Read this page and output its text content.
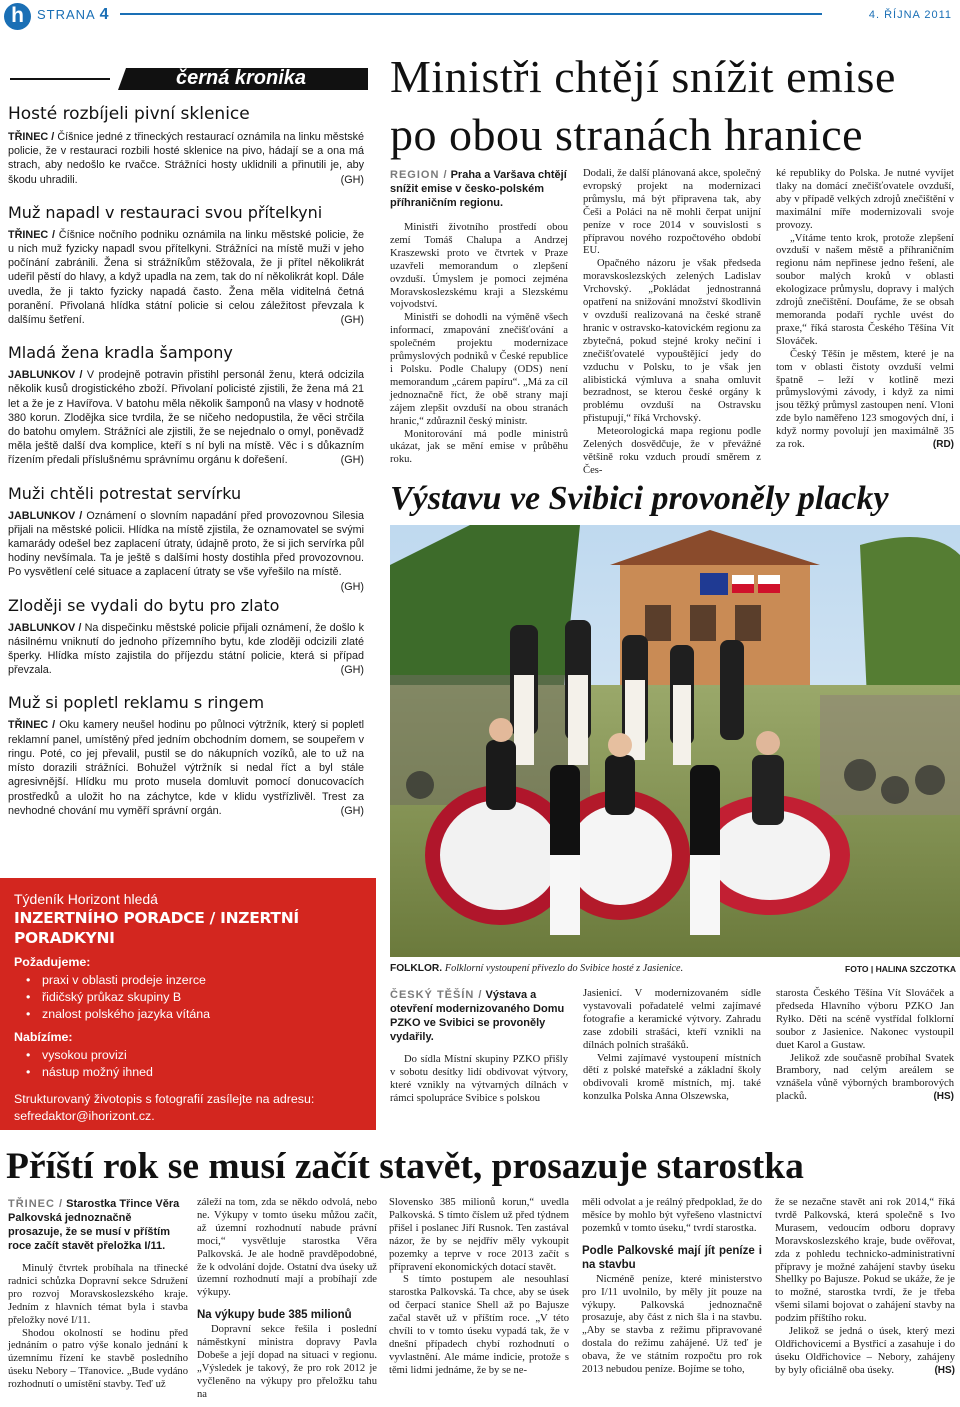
h	STRANA 4	4. ŘÍJNA 2011
černá kronika
Hosté rozbíjeli pivní sklenice

TŘINEC / Číšnice jedné z třineckých restaurací oznámila na linku městské policie, že v restauraci rozbili hosté sklenice na pivo, hádají se a ona má strach, aby nedošlo ke rvačce. Strážníci hosty uklidnili a přinutili je, aby škodu uhradili.	(GH)

Muž napadl v restauraci svou přítelkyni

TŘINEC / Číšnice nočního podniku oznámila na linku městské policie, že u nich muž fyzicky napadl svou přítelkyni. Strážníci na místě muži v jeho počínání zabránili. Žena si strážníkům stěžovala, že ji přítel několikrát udeřil pěstí do hlavy, a když upadla na zem, tak do ní několikrát kopl. Dále uvedla, že ji takto fyzicky napadá často. Žena měla viditelná četná poranění. Přivolaná hlídka státní policie si celou záležitost převzala k dalšímu šetření.	(GH)

Mladá žena kradla šampony

JABLUNKOV / V prodejně potravin přistihl personál ženu, která odcizila několik kusů drogistického zboží. Přivolaní policisté zjistili, že žena má 21 let a že je z Havířova. V batohu měla několik šamponů na vlasy v hodnotě 380 korun. Zlodějka sice tvrdila, že se ničeho nedopustila, že věci strčila do batohu omylem. Strážníci ale zjistili, že se nejednalo o omyl, poněvadž měla ještě další dva komplice, kteří s ní byli na místě. Věc i s důkazním řízením předali příslušnému správnímu orgánu k dořešení.	(GH)

Muži chtěli potrestat servírku

JABLUNKOV / Oznámení o slovním napadání před provozovnou Silesia přijali na městské policii. Hlídka na místě zjistila, že oznamovatel se svými kamarády odešel bez zaplacení útraty, údajně proto, že si jich servírka půl hodiny nevšímala. Ta je ještě s dalšími hosty dostihla před provozovnou. Po vysvětlení celé situace a zaplacení útraty se vše vyřešilo na místě.
(GH)

Zloději se vydali do bytu pro zlato

JABLUNKOV / Na dispečinku městské policie přijali oznámení, že došlo k násilnému vniknutí do jednoho přízemního bytu, kde zloději odcizili zlaté šperky. Hlídka místo zajistila do příjezdu státní policie, která si případ převzala.	(GH)

Muž si popletl reklamu s ringem

TŘINEC / Oku kamery neušel hodinu po půlnoci výtržník, který si popletl reklamní panel, umístěný před jedním obchodním domem, se soupeřem v ringu. Poté, co jej převalil, pustil se do nákupních vozíků, ale to už na místo dorazili strážníci. Bohužel výtržník si nedal říct a byl stále agresivnější. Hlídku mu proto musela domluvit pomocí donucovacích prostředků a uložit ho na záchytce, kde v klidu vystřízlivěl. Trest za nevhodné chování mu vyměří správní orgán.	(GH)

Ministři chtějí snížit emise
po obou stranách hranice
REGION / Praha a Varšava chtějí snížit emise v česko-polském příhraničním regionu.

Ministři životního prostředí obou zemí Tomáš Chalupa a Andrzej Kraszewski proto ve čtvrtek v Praze uzavřeli memorandum o zlepšení ovzduší. Úmyslem je pomoci zejména Moravskoslezskému kraji a Slezskému vojvodství.

Ministři se dohodli na výměně všech informací, zmapování znečišťování a společném projektu modernizace průmyslových podniků v České republice i Polsku. Podle Chalupy (ODS) není memorandum „cárem papíru“. „Má za cíl jednoznačně říct, že obě strany mají zájem zlepšit ovzduší na obou stranách hranic,“ zdůraznil český ministr.

Monitorování má podle ministrů ukázat, jak se mění emise v průběhu roku.

Dodali, že další plánovaná akce, společný evropský projekt na modernizaci průmyslu, má být připravena tak, aby Češi a Poláci na ně mohli čerpat unijní peníze v roce 2014 v souvislosti s přípravou nového rozpočtového období EU.

Opačného názoru je však předseda moravskoslezských zelených Ladislav Vrchovský. „Pokládat jednostranná opatření na snižování množství škodlivin v ovzduší realizovaná na české straně hranic v ostravsko-katovickém regionu za zbytečná, pokud stejné kroky nečiní i znečišťovatelé vypouštějící jedy do vzduchu v Polsku, to je však jen alibistická výmluva a snaha omluvit bezradnost, se kterou české orgány k problému ovzduší na Ostravsku přistupují,“ říká Vrchovský.

Meteorologická mapa regionu podle Zelených dosvědčuje, že v převážné většině roku vzduch proudí směrem z Čes-

ké republiky do Polska. Je nutné vyvíjet tlaky na domácí znečišťovatele ovzduší, aby v případě velkých zdrojů znečištění v maximální míře modernizovali svoje provozy.

„Vítáme tento krok, protože zlepšení ovzduší v našem městě a příhraničním regionu nám nepřinese jedno řešení, ale soubor malých kroků v oblasti ekologizace průmyslu, dopravy i malých zdrojů znečištění. Doufáme, že se obsah memoranda podaří rychle uvést do praxe,“ říká starosta Českého Těšína Vít Slováček.

Český Těšín je městem, které je na tom v oblasti čistoty ovzduší velmi špatně – leží v kotlině mezi průmyslovými závody, i když za nimi jsou těžký průmysl zastoupen není. Vloni zde bylo naměřeno 123 smogových dní, i když normy povolují jen maximálně 35 za rok.	(RD)

Výstavu ve Svibici provoněly placky
FOLKLOR. Folklorní vystoupení přivezlo do Svibice hosté z Jasienice.	FOTO | HALINA SZCZOTKA
ČESKÝ TĚŠÍN / Výstava a otevření modernizovaného Domu PZKO ve Svibici se provoněly vydařily.

Do sídla Místní skupiny PZKO přišly v sobotu desítky lidí obdivovat výtvory, které vznikly na výtvarných dílnách v rámci spolupráce Svibice s polskou

Jasienicí. V modernizovaném sídle vystavovali pořadatelé velmi zajímavé fotografie a keramické výtvory. Zahradu zase zdobili strašáci, kteří vznikli na dílnách polních strašáků.

Velmi zajímavé vystoupení místních dětí z polské mateřské a základní školy obdivovali kromě místních, mj. také konzulka Polska Anna Olszewska,

starosta Českého Těšína Vít Slováček a předseda Hlavního výboru PZKO Jan Ryłko. Děti na scéně vystřídal folklorní soubor z Jasienice. Nakonec vystoupil duet Karol a Gustaw.

Jelikož zde současně probíhal Svatek Brambory, nad celým areálem se vznášela vůně výborných bramborových placků.	(HS)

Týdeník Horizont hledá
INZERTNÍHO PORADCE / INZERTNÍ PORADKYNI
Požadujeme:
• praxi v oblasti prodeje inzerce
• řidičský průkaz skupiny B
• znalost polského jazyka vítána
Nabízíme:
• vysokou provizi
• nástup možný ihned
Strukturovaný životopis s fotografií zasílejte na adresu:
sefredaktor@ihorizont.cz.
Příští rok se musí začít stavět, prosazuje starostka
TŘINEC / Starostka Třince Věra Palkovská jednoznačně prosazuje, že se musí v příštím roce začít stavět přeložka I/11.

Minulý čtvrtek probíhala na třinecké radnici schůzka Dopravní sekce Sdružení pro rozvoj Moravskoslezského kraje. Jedním z hlavních témat byla i stavba přeložky nové I/11.

Shodou okolností se hodinu před jednáním o patro výše konalo jednání k územnímu řízení ke stavbě posledního úseku Nebory – Třanovice. „Bude vydáno rozhodnutí o umístění stavby. Teď už

záleží na tom, zda se někdo odvolá, nebo ne. Výkupy v tomto úseku můžou začít, až územní rozhodnutí nabude právní moci,“ vysvětluje starostka Věra Palkovská. Je ale hodně pravděpodobné, že k odvolání dojde. Ostatní dva úseky už územní rozhodnutí mají a probíhají zde výkupy.

Na výkupy bude 385 milionů

Dopravní sekce řešila i poslední náměstkyní ministra dopravy Pavla Dobeše a její dopad na situaci v regionu. „Výsledek je takový, že pro rok 2012 je vyčleněno na výkupy pro přeložku tahu na

Slovensko 385 milionů korun,“ uvedla Palkovská. S tímto číslem už před týdnem přišel i poslanec Jiří Rusnok. Ten zastával názor, že by se nejdřív měly vykoupit pozemky a teprve v roce 2013 začít s přípravení ekonomických dotací stavět.

S tímto postupem ale nesouhlasí starostka Palkovská. Ta chce, aby se úsek od čerpací stanice Shell až po Bajusze začal stavět už v příštím roce. „V této chvíli to v tomto úseku vypadá tak, že v dnešní případech chybí rozhodnutí o vyvlastnění. Ale máme indicie, protože s těmi lidmi jednáme, že by se ne-

měli odvolat a je reálný předpoklad, že do měsíce by mohlo být vyřešeno vlastnictví pozemků v tomto úseku,“ tvrdí starostka.

Podle Palkovské mají jít peníze i na stavbu

Nicméně peníze, které ministerstvo pro I/11 uvolnilo, by měly jít pouze na výkupy. Palkovská jednoznačně prosazuje, aby část z nich šla i na stavbu. „Aby se stavba z režimu připravované dostala do režimu zahájené. Už teď je obava, že ve státním rozpočtu pro rok 2013 nebudou peníze. Bojíme se toho,

že se nezačne stavět ani rok 2014,“ říká tvrdě Palkovská, která společně s Ivo Murasem, vedoucím odboru dopravy Moravskoslezského kraje, bude ověřovat, zda z pohledu technicko-administrativní přípravy je možné zahájení stavby úseku Shellky po Bajusze. Pokud se ukáže, že je to možné, starostka tvrdí, že je třeba všemi silami bojovat o zahájení stavby na podzim příštího roku.

Jelikož se jedná o úsek, který mezi Oldřichovicemi a Bystřicí a zasahuje i do úseku Oldřichovice – Nebory, zahájeny by byly oficiálně oba úseky.	(HS)
